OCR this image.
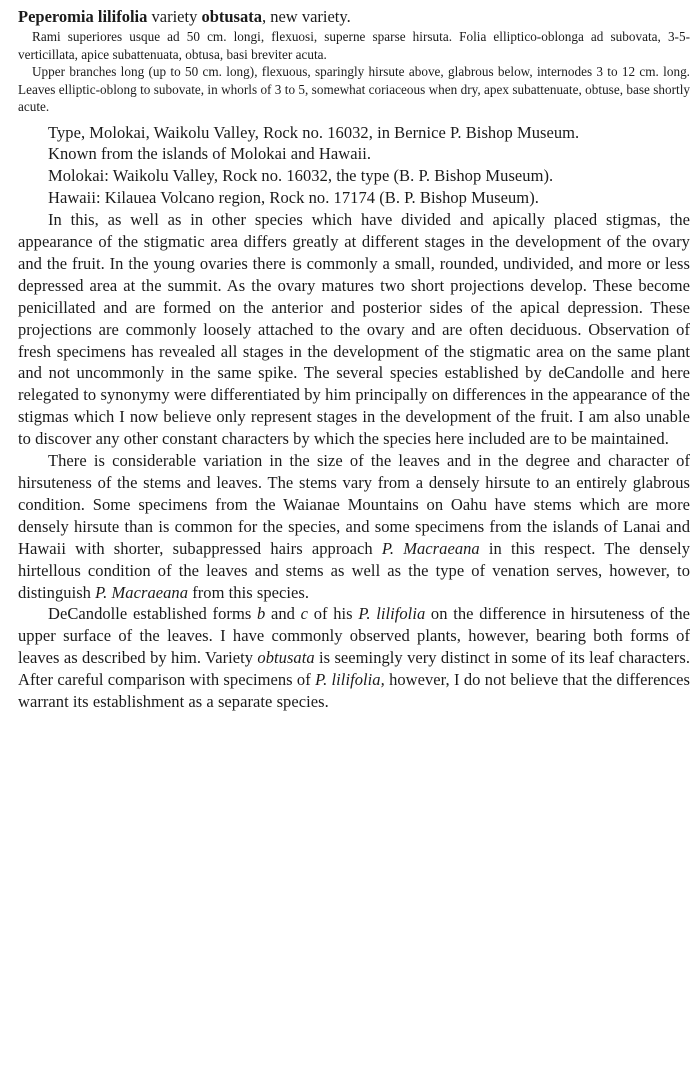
Peperomia lilifolia variety obtusata, new variety.

Rami superiores usque ad 50 cm. longi, flexuosi, superne sparse hirsuta. Folia elliptico-oblonga ad subovata, 3-5-verticillata, apice subattenuata, obtusa, basi breviter acuta.

Upper branches long (up to 50 cm. long), flexuous, sparingly hirsute above, glabrous below, internodes 3 to 12 cm. long. Leaves elliptic-oblong to subovate, in whorls of 3 to 5, somewhat coriaceous when dry, apex subattenuate, obtuse, base shortly acute.

Type, Molokai, Waikolu Valley, Rock no. 16032, in Bernice P. Bishop Museum.

Known from the islands of Molokai and Hawaii.

Molokai: Waikolu Valley, Rock no. 16032, the type (B. P. Bishop Museum).

Hawaii: Kilauea Volcano region, Rock no. 17174 (B. P. Bishop Museum).

In this, as well as in other species which have divided and apically placed stigmas, the appearance of the stigmatic area differs greatly at different stages in the development of the ovary and the fruit. In the young ovaries there is commonly a small, rounded, undivided, and more or less depressed area at the summit. As the ovary matures two short projections develop. These become penicillated and are formed on the anterior and posterior sides of the apical depression. These projections are commonly loosely attached to the ovary and are often deciduous. Observation of fresh specimens has revealed all stages in the development of the stigmatic area on the same plant and not uncommonly in the same spike. The several species established by deCandolle and here relegated to synonymy were differentiated by him principally on differences in the appearance of the stigmas which I now believe only represent stages in the development of the fruit. I am also unable to discover any other constant characters by which the species here included are to be maintained.

There is considerable variation in the size of the leaves and in the degree and character of hirsuteness of the stems and leaves. The stems vary from a densely hirsute to an entirely glabrous condition. Some specimens from the Waianae Mountains on Oahu have stems which are more densely hirsute than is common for the species, and some specimens from the islands of Lanai and Hawaii with shorter, subappressed hairs approach P. Macraeana in this respect. The densely hirtellous condition of the leaves and stems as well as the type of venation serves, however, to distinguish P. Macraeana from this species.

DeCandolle established forms b and c of his P. lilifolia on the difference in hirsuteness of the upper surface of the leaves. I have commonly observed plants, however, bearing both forms of leaves as described by him. Variety obtusata is seemingly very distinct in some of its leaf characters. After careful comparison with specimens of P. lilifolia, however, I do not believe that the differences warrant its establishment as a separate species.
